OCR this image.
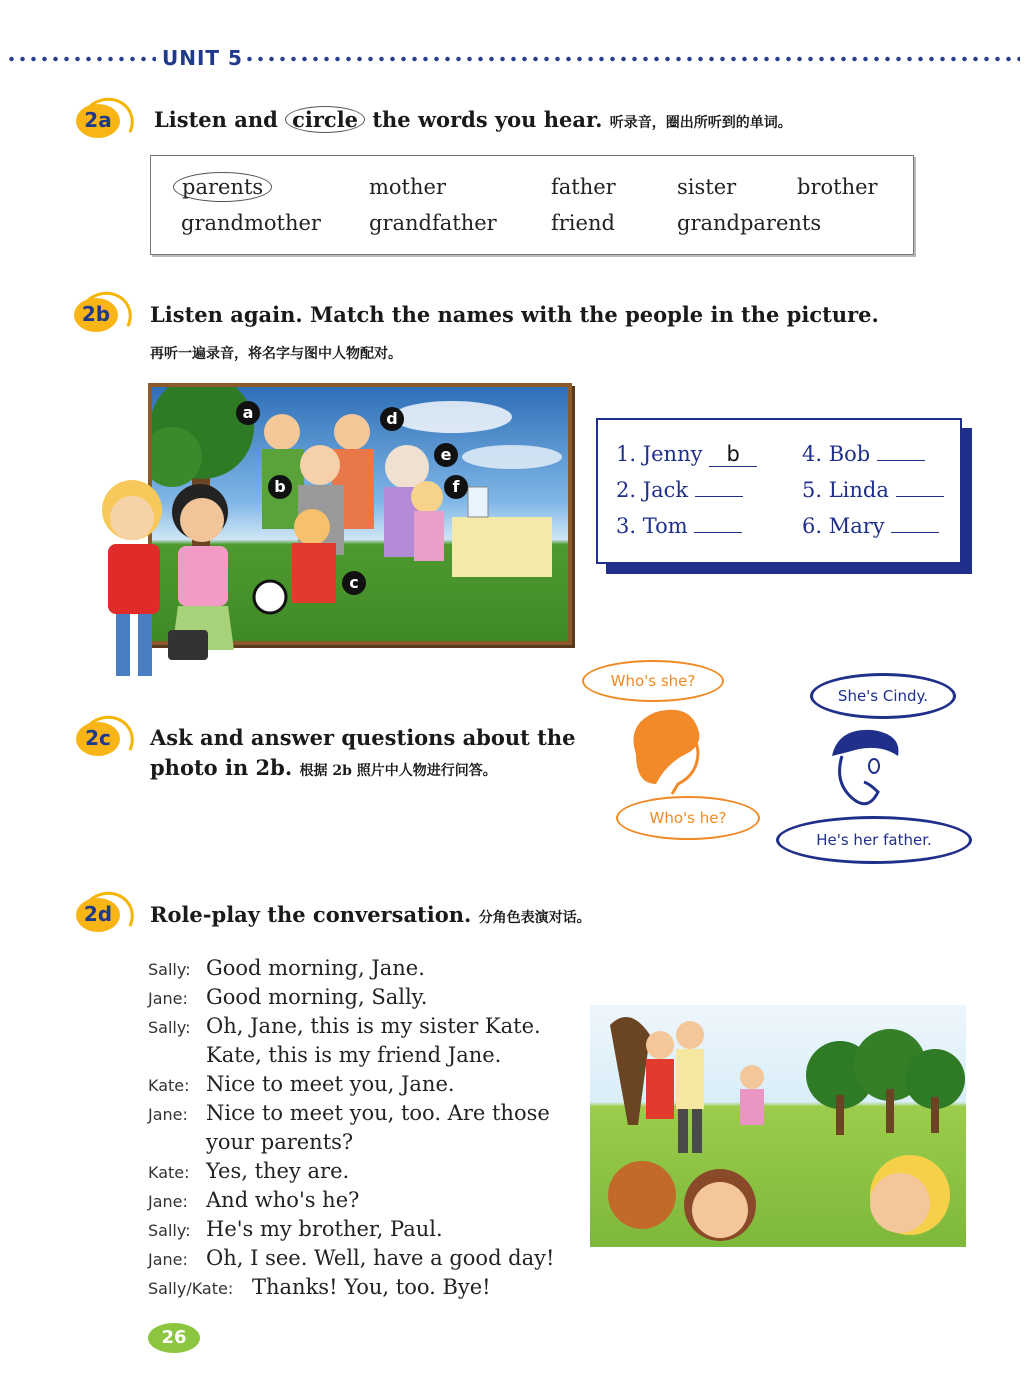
UNIT 5
2a	Listen and circle the words you hear. 听录音，圈出所听到的单词。
parents	mother	father	sister	brother
grandmother grandfather	friend	grandparents
2b	Listen again. Match the names with the people in the picture.
再听一遍录音，将名字与图中人物配对。
a
b
c
d
e
f
1. Jenny b
2. Jack
3. Tom
4. Bob
5. Linda
6. Mary
2c	Ask and answer questions about the
photo in 2b. 根据 2b 照片中人物进行问答。
Who's she?
She's Cindy.
Who's he?
He's her father.
2d	Role-play the conversation. 分角色表演对话。
Sally: Good morning, Jane.
Jane: Good morning, Sally.
Sally: Oh, Jane, this is my sister Kate.
Kate, this is my friend Jane.
Kate: Nice to meet you, Jane.
Jane: Nice to meet you, too. Are those
your parents?
Kate: Yes, they are.
Jane: And who's he?
Sally: He's my brother, Paul.
Jane: Oh, I see. Well, have a good day!
Sally/Kate: Thanks! You, too. Bye!
26
